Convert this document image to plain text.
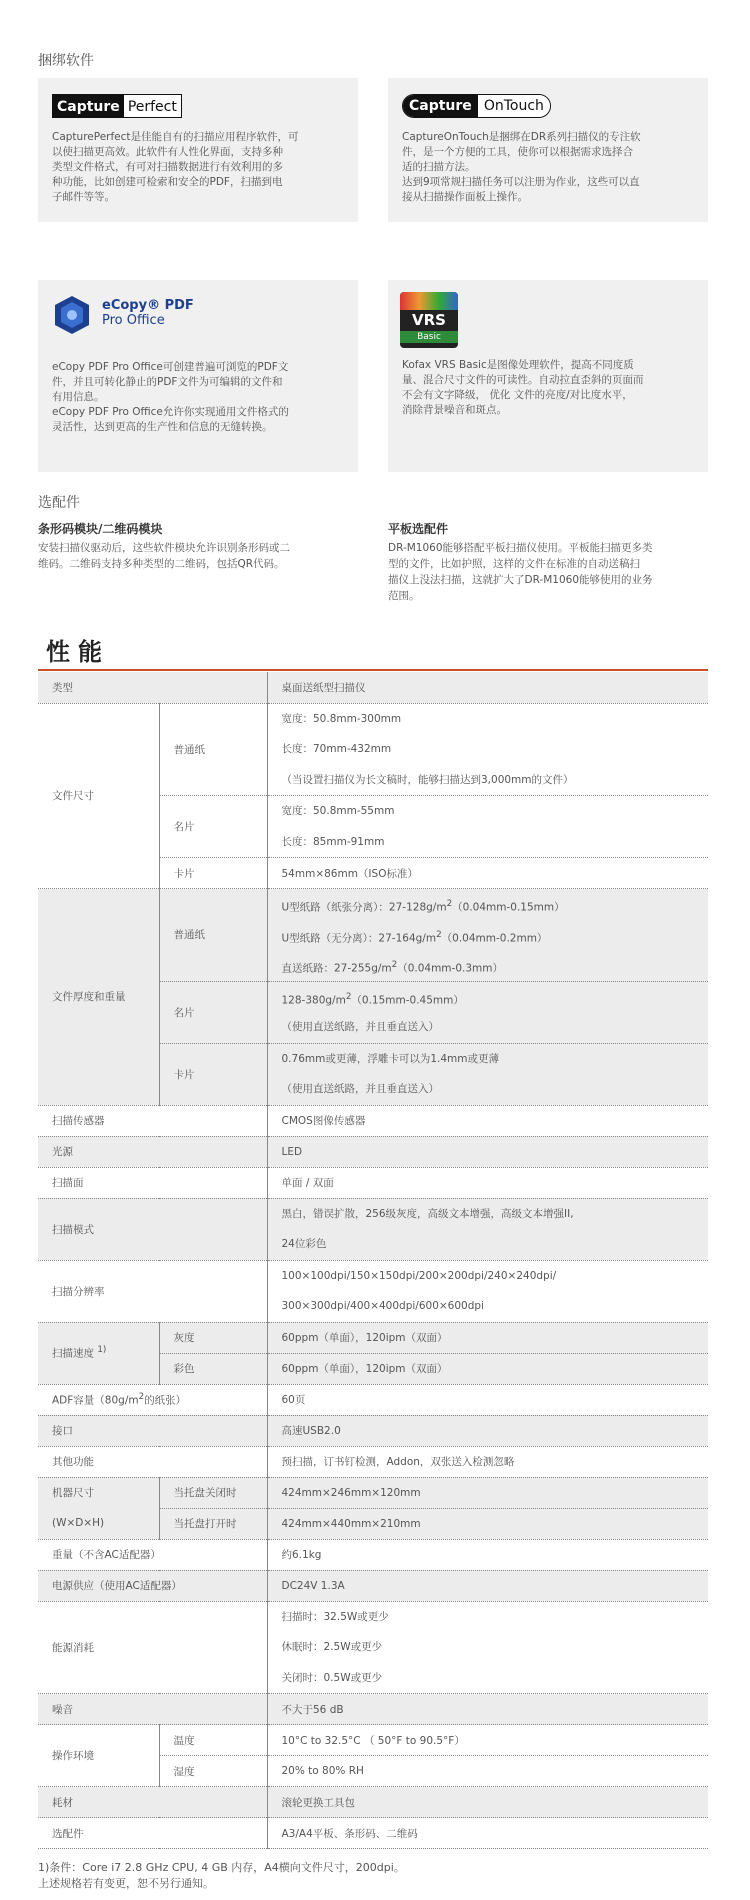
捆绑软件
Capture Perfect
CapturePerfect是佳能自有的扫描应用程序软件，可
以使扫描更高效。此软件有人性化界面，支持多种
类型文件格式，有可对扫描数据进行有效利用的多
种功能，比如创建可检索和安全的PDF，扫描到电
子邮件等等。
Capture OnTouch
CaptureOnTouch是捆绑在DR系列扫描仪的专注软
件，是一个方便的工具，使你可以根据需求选择合
适的扫描方法。
达到9项常规扫描任务可以注册为作业，这些可以直
接从扫描操作面板上操作。
eCopy® PDF
Pro Office
eCopy PDF Pro Office可创建普遍可浏览的PDF文
件，并且可转化静止的PDF文件为可编辑的文件和
有用信息。
eCopy PDF Pro Office允许你实现通用文件格式的
灵活性，达到更高的生产性和信息的无缝转换。
VRS
Basic
Kofax VRS Basic是图像处理软件，提高不同度质
量、混合尺寸文件的可读性。自动拉直歪斜的页面而
不会有文字降级， 优化 文件的亮度/对比度水平，
消除背景噪音和斑点。
选配件
条形码模块/二维码模块
安装扫描仪驱动后，这些软件模块允许识别条形码或二
维码。二维码支持多种类型的二维码，包括QR代码。
平板选配件
DR-M1060能够搭配平板扫描仪使用。平板能扫描更多类
型的文件，比如护照，这样的文件在标准的自动送稿扫
描仪上没法扫描，这就扩大了DR-M1060能够使用的业务
范围。
性能
类型		桌面送纸型扫描仪
文件尺寸	普通纸	宽度：50.8mm-300mm
长度：70mm-432mm
（当设置扫描仪为长文稿时，能够扫描达到3,000mm的文件）

	名片	宽度：50.8mm-55mm
长度：85mm-91mm

	卡片	54mm×86mm（ISO标准）
文件厚度和重量	普通纸	U型纸路（纸张分离）：$27-128g/m^2(0.04mm-0.15mm)$
U型纸路（无分离）：$27-164g/m^2(0.04mm-0.2mm)$
直送纸路：$27-255g/m^2(0.04mm-0.3mm)$

	名片	$128-380g/m^2(0.15mm-0.45mm)$
（使用直送纸路，并且垂直送入）

	卡片	0.76mm或更薄，浮雕卡可以为1.4mm或更薄
（使用直送纸路，并且垂直送入）

扫描传感器		CMOS图像传感器
光源		LED
扫描面		单面 / 双面
扫描模式		黑白，错误扩散，256级灰度，高级文本增强，高级文本增强II,
24位彩色

扫描分辨率		100×100dpi/150×150dpi/200×200dpi/240×240dpi/
300×300dpi/400×400dpi/600×600dpi

扫描速度 $^{1)}$	灰度	60ppm（单面），120ipm（双面）
	彩色	60ppm（单面），120ipm（双面）
ADF容量（$80g/m^2$的纸张）		60页
接口		高速USB2.0
其他功能		预扫描，订书钉检测，Addon，双张送入检测忽略

机器尺寸
(W×D×H)	当托盘关闭时	424mm×246mm×120mm
	当托盘打开时	424mm×440mm×210mm
重量（不含AC适配器）		约6.1kg
电源供应（使用AC适配器）		DC24V 1.3A
能源消耗		扫描时：32.5W或更少
休眠时：2.5W或更少
关闭时：0.5W或更少

噪音		不大于56 dB
操作环境	温度	10°C to 32.5°C （ 50°F to 90.5°F）
	湿度	20% to 80% RH
耗材		滚轮更换工具包
选配件		A3/A4平板、条形码、二维码
1)条件：Core i7 2.8 GHz CPU, 4 GB 内存，A4横向文件尺寸，200dpi。
上述规格若有变更，恕不另行通知。
